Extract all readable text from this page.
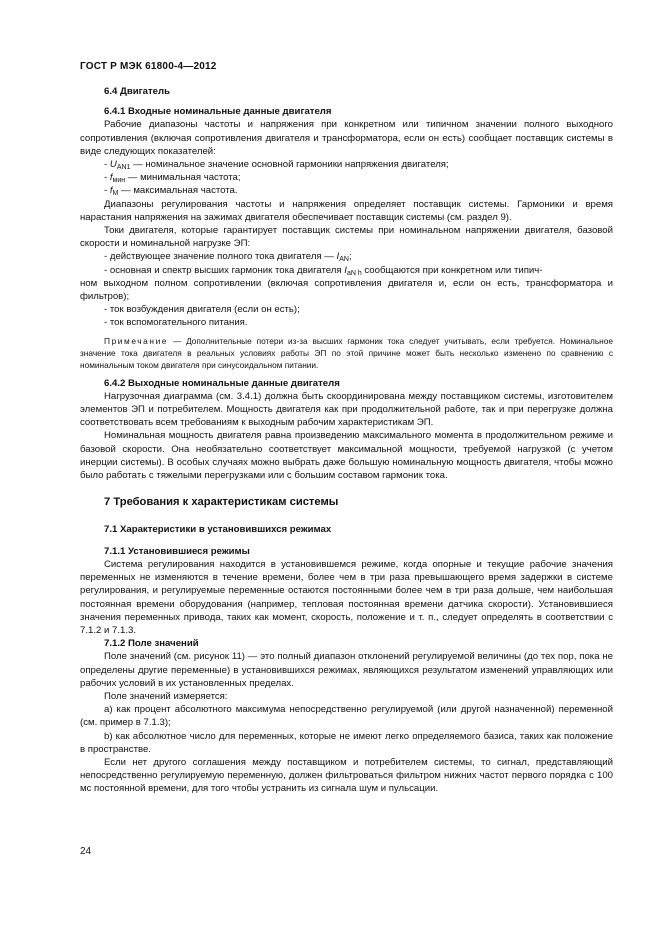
ГОСТ Р МЭК 61800-4—2012
6.4 Двигатель
6.4.1 Входные номинальные данные двигателя
Рабочие диапазоны частоты и напряжения при конкретном или типичном значении полного выходного сопротивления (включая сопротивления двигателя и трансформатора, если он есть) сообщает поставщик системы в виде следующих показателей:
- $U_{AN1}$ — номинальное значение основной гармоники напряжения двигателя;
- $f_{мин}$ — минимальная частота;
- $f_M$ — максимальная частота.
Диапазоны регулирования частоты и напряжения определяет поставщик системы. Гармоники и время нарастания напряжения на зажимах двигателя обеспечивает поставщик системы (см. раздел 9).
Токи двигателя, которые гарантирует поставщик системы при номинальном напряжении двигателя, базовой скорости и номинальной нагрузке ЭП:
- действующее значение полного тока двигателя — $I_{AN}$;
- основная и спектр высших гармоник тока двигателя $I_{aN h}$ сообщаются при конкретном или типич-
ном выходном полном сопротивлении (включая сопротивления двигателя и, если он есть, трансформатора и фильтров);
- ток возбуждения двигателя (если он есть);
- ток вспомогательного питания.
Примечание — Дополнительные потери из-за высших гармоник тока следует учитывать, если требуется. Номинальное значение тока двигателя в реальных условиях работы ЭП по этой причине может быть несколько изменено по сравнению с номинальным током двигателя при синусоидальном питании.
6.4.2 Выходные номинальные данные двигателя
Нагрузочная диаграмма (см. 3.4.1) должна быть скоординирована между поставщиком системы, изготовителем элементов ЭП и потребителем. Мощность двигателя как при продолжительной работе, так и при перегрузке должна соответствовать всем требованиям к выходным рабочим характеристикам ЭП.
Номинальная мощность двигателя равна произведению максимального момента в продолжительном режиме и базовой скорости. Она необязательно соответствует максимальной мощности, требуемой нагрузкой (с учетом инерции системы). В особых случаях можно выбрать даже большую номинальную мощность двигателя, чтобы можно было работать с тяжелыми перегрузками или с большим составом гармоник тока.
7 Требования к характеристикам системы
7.1 Характеристики в установившихся режимах
7.1.1 Установившиеся режимы
Система регулирования находится в установившемся режиме, когда опорные и текущие рабочие значения переменных не изменяются в течение времени, более чем в три раза превышающего время задержки в системе регулирования, и регулируемые переменные остаются постоянными более чем в три раза дольше, чем наибольшая постоянная времени оборудования (например, тепловая постоянная времени датчика скорости). Установившиеся значения переменных привода, таких как момент, скорость, положение и т. п., следует определять в соответствии с 7.1.2 и 7.1.3.
7.1.2 Поле значений
Поле значений (см. рисунок 11) — это полный диапазон отклонений регулируемой величины (до тех пор, пока не определены другие переменные) в установившихся режимах, являющихся результатом изменений управляющих или рабочих условий в их установленных пределах.
Поле значений измеряется:
а) как процент абсолютного максимума непосредственно регулируемой (или другой назначенной) переменной (см. пример в 7.1.3);
b) как абсолютное число для переменных, которые не имеют легко определяемого базиса, таких как положение в пространстве.
Если нет другого соглашения между поставщиком и потребителем системы, то сигнал, представляющий непосредственно регулируемую переменную, должен фильтроваться фильтром нижних частот первого порядка с 100 мс постоянной времени, для того чтобы устранить из сигнала шум и пульсации.
24
